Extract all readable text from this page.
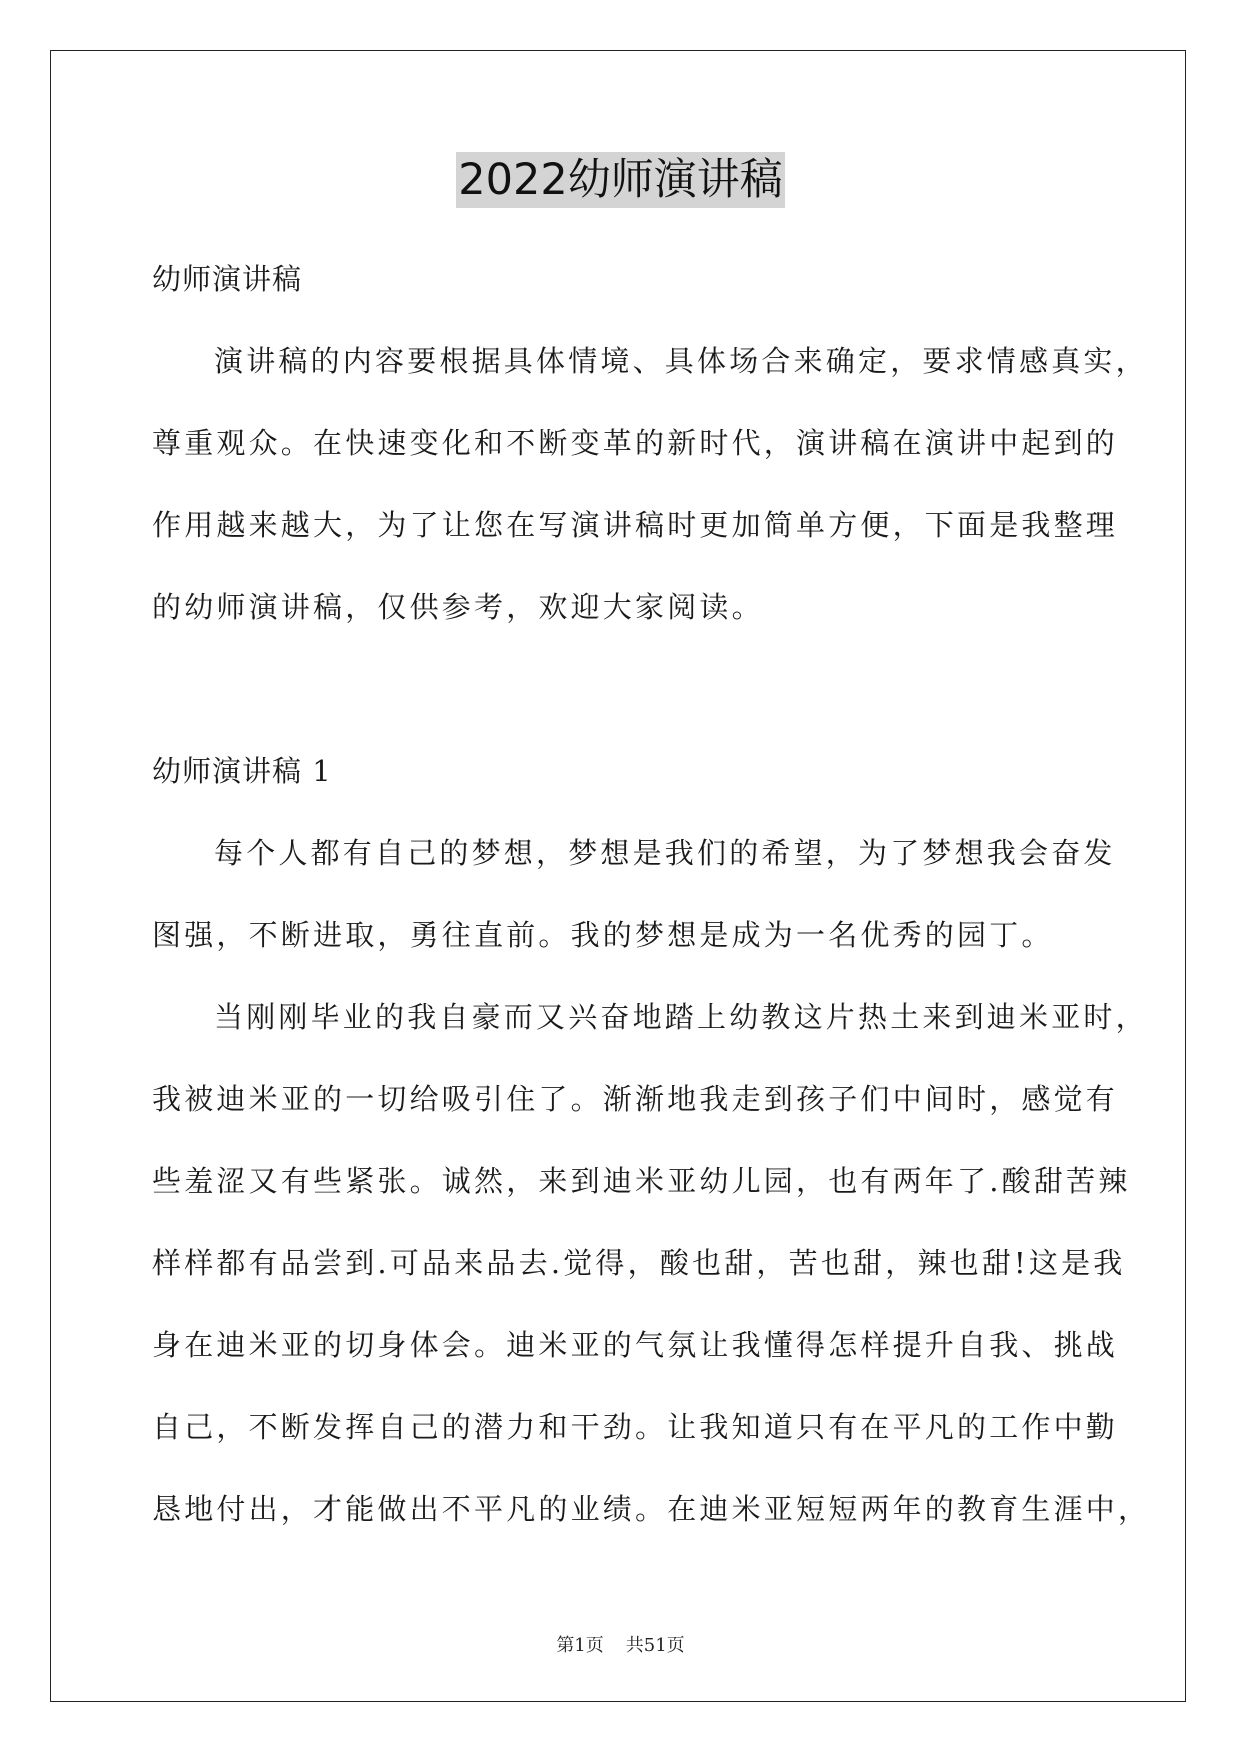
2022幼师演讲稿
幼师演讲稿
演讲稿的内容要根据具体情境、具体场合来确定，要求情感真实，
尊重观众。在快速变化和不断变革的新时代，演讲稿在演讲中起到的
作用越来越大，为了让您在写演讲稿时更加简单方便，下面是我整理
的幼师演讲稿，仅供参考，欢迎大家阅读。
幼师演讲稿 1
每个人都有自己的梦想，梦想是我们的希望，为了梦想我会奋发
图强，不断进取，勇往直前。我的梦想是成为一名优秀的园丁。
当刚刚毕业的我自豪而又兴奋地踏上幼教这片热土来到迪米亚时，
我被迪米亚的一切给吸引住了。渐渐地我走到孩子们中间时，感觉有
些羞涩又有些紧张。诚然，来到迪米亚幼儿园，也有两年了.酸甜苦辣
样样都有品尝到.可品来品去.觉得，酸也甜，苦也甜，辣也甜!这是我
身在迪米亚的切身体会。迪米亚的气氛让我懂得怎样提升自我、挑战
自己，不断发挥自己的潜力和干劲。让我知道只有在平凡的工作中勤
恳地付出，才能做出不平凡的业绩。在迪米亚短短两年的教育生涯中，
第1页 共51页
